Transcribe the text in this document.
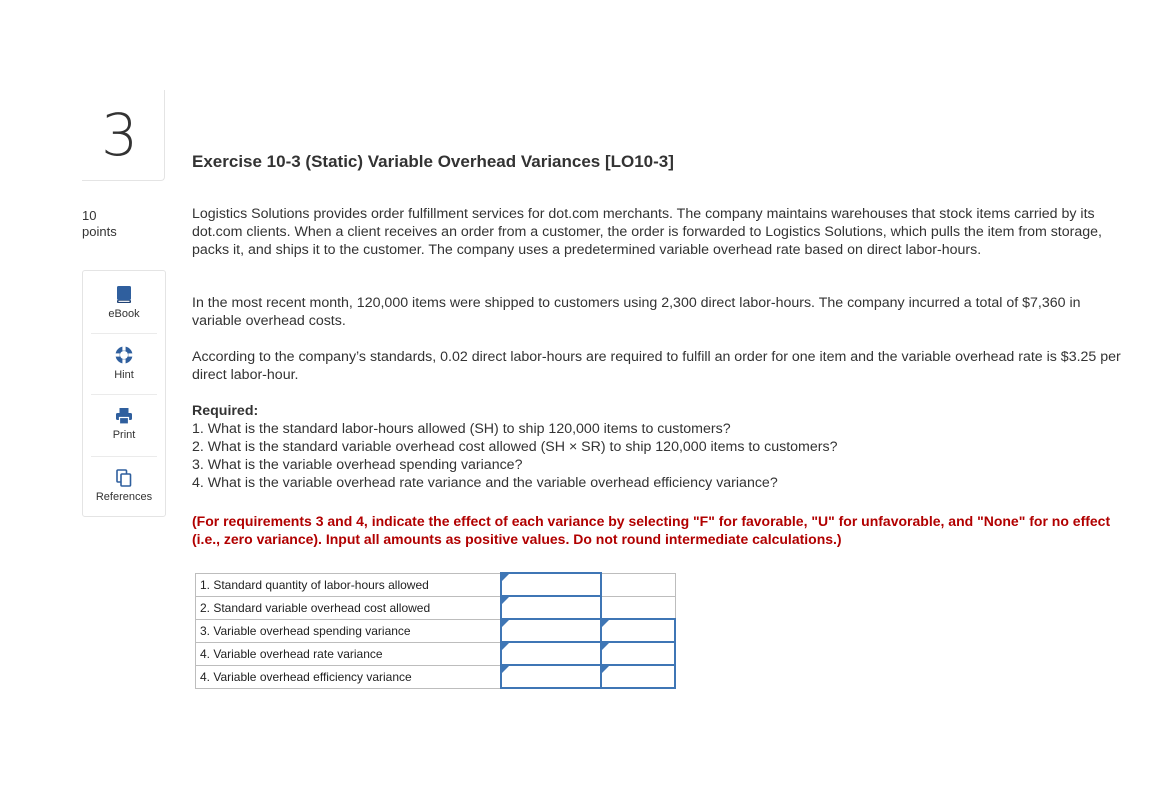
3
10
points
eBook
Hint
Print
References
Exercise 10-3 (Static) Variable Overhead Variances [LO10-3]

Logistics Solutions provides order fulfillment services for dot.com merchants. The company maintains warehouses that stock items carried by its dot.com clients. When a client receives an order from a customer, the order is forwarded to Logistics Solutions, which pulls the item from storage, packs it, and ships it to the customer. The company uses a predetermined variable overhead rate based on direct labor-hours.

In the most recent month, 120,000 items were shipped to customers using 2,300 direct labor-hours. The company incurred a total of $7,360 in variable overhead costs.

According to the company’s standards, 0.02 direct labor-hours are required to fulfill an order for one item and the variable overhead rate is $3.25 per direct labor-hour.

Required:
1. What is the standard labor-hours allowed (SH) to ship 120,000 items to customers?
2. What is the standard variable overhead cost allowed (SH × SR) to ship 120,000 items to customers?
3. What is the variable overhead spending variance?
4. What is the variable overhead rate variance and the variable overhead efficiency variance?

(For requirements 3 and 4, indicate the effect of each variance by selecting "F" for favorable, "U" for unfavorable, and "None" for no effect (i.e., zero variance). Input all amounts as positive values. Do not round intermediate calculations.)

1. Standard quantity of labor-hours allowed		
2. Standard variable overhead cost allowed		
3. Variable overhead spending variance		
4. Variable overhead rate variance		
4. Variable overhead efficiency variance		
